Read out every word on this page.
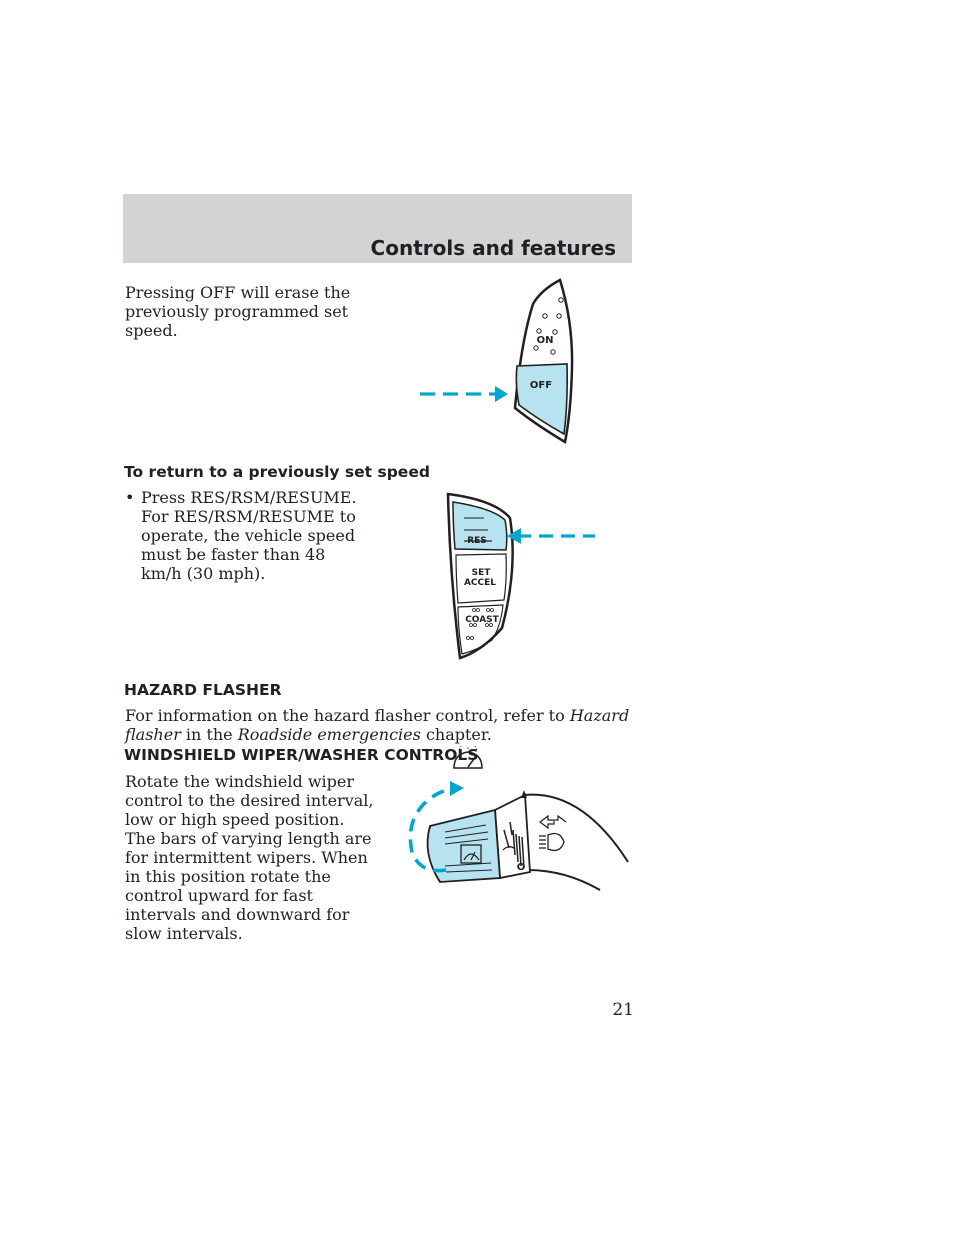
Controls and features

Pressing OFF will erase the previously programmed set speed.

ON
OFF
To return to a previously set speed
• Press RES/RSM/RESUME. For RES/RSM/RESUME to operate, the vehicle speed must be faster than 48 km/h (30 mph).
RES
SET
ACCEL
COAST
HAZARD FLASHER

For information on the hazard flasher control, refer to Hazard flasher in the Roadside emergencies chapter.

WINDSHIELD WIPER/WASHER CONTROLS

Rotate the windshield wiper control to the desired interval, low or high speed position.

The bars of varying length are for intermittent wipers. When in this position rotate the control upward for fast intervals and downward for slow intervals.

O
21
